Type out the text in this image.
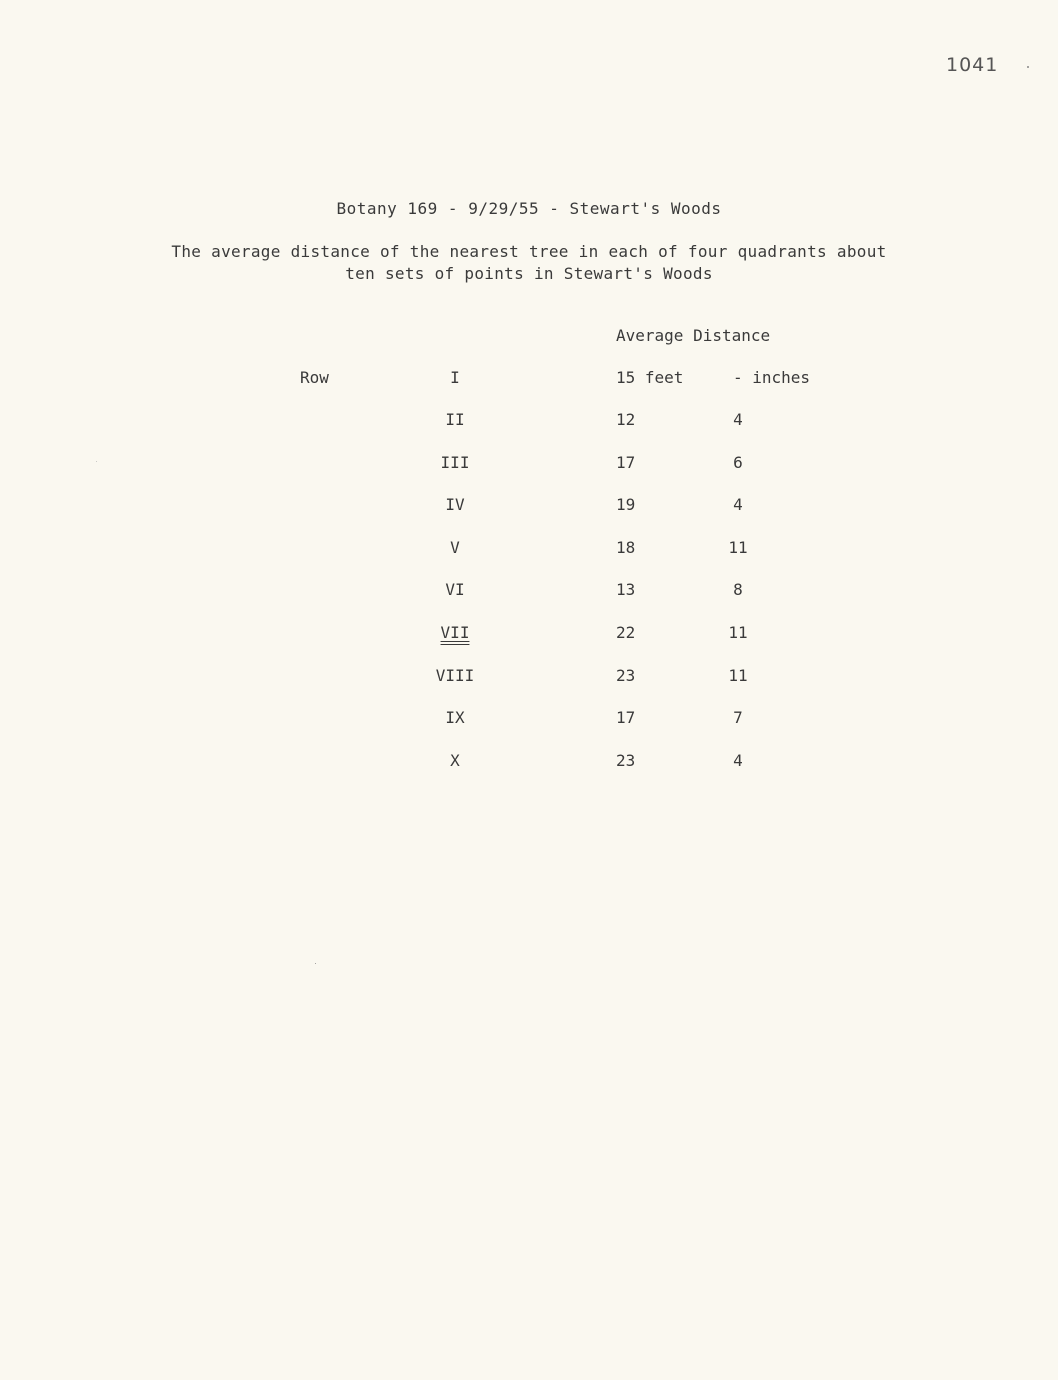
1041
Botany 169 - 9/29/55 - Stewart's Woods
The average distance of the nearest tree in each of four quadrants about
ten sets of points in Stewart's Woods
Average Distance
Row	I	15 feet	- inches
II	12	4
III	17	6
IV	19	4
V	18	11
VI	13	8
VII	22	11
VIII	23	11
IX	17	7
X	23	4
